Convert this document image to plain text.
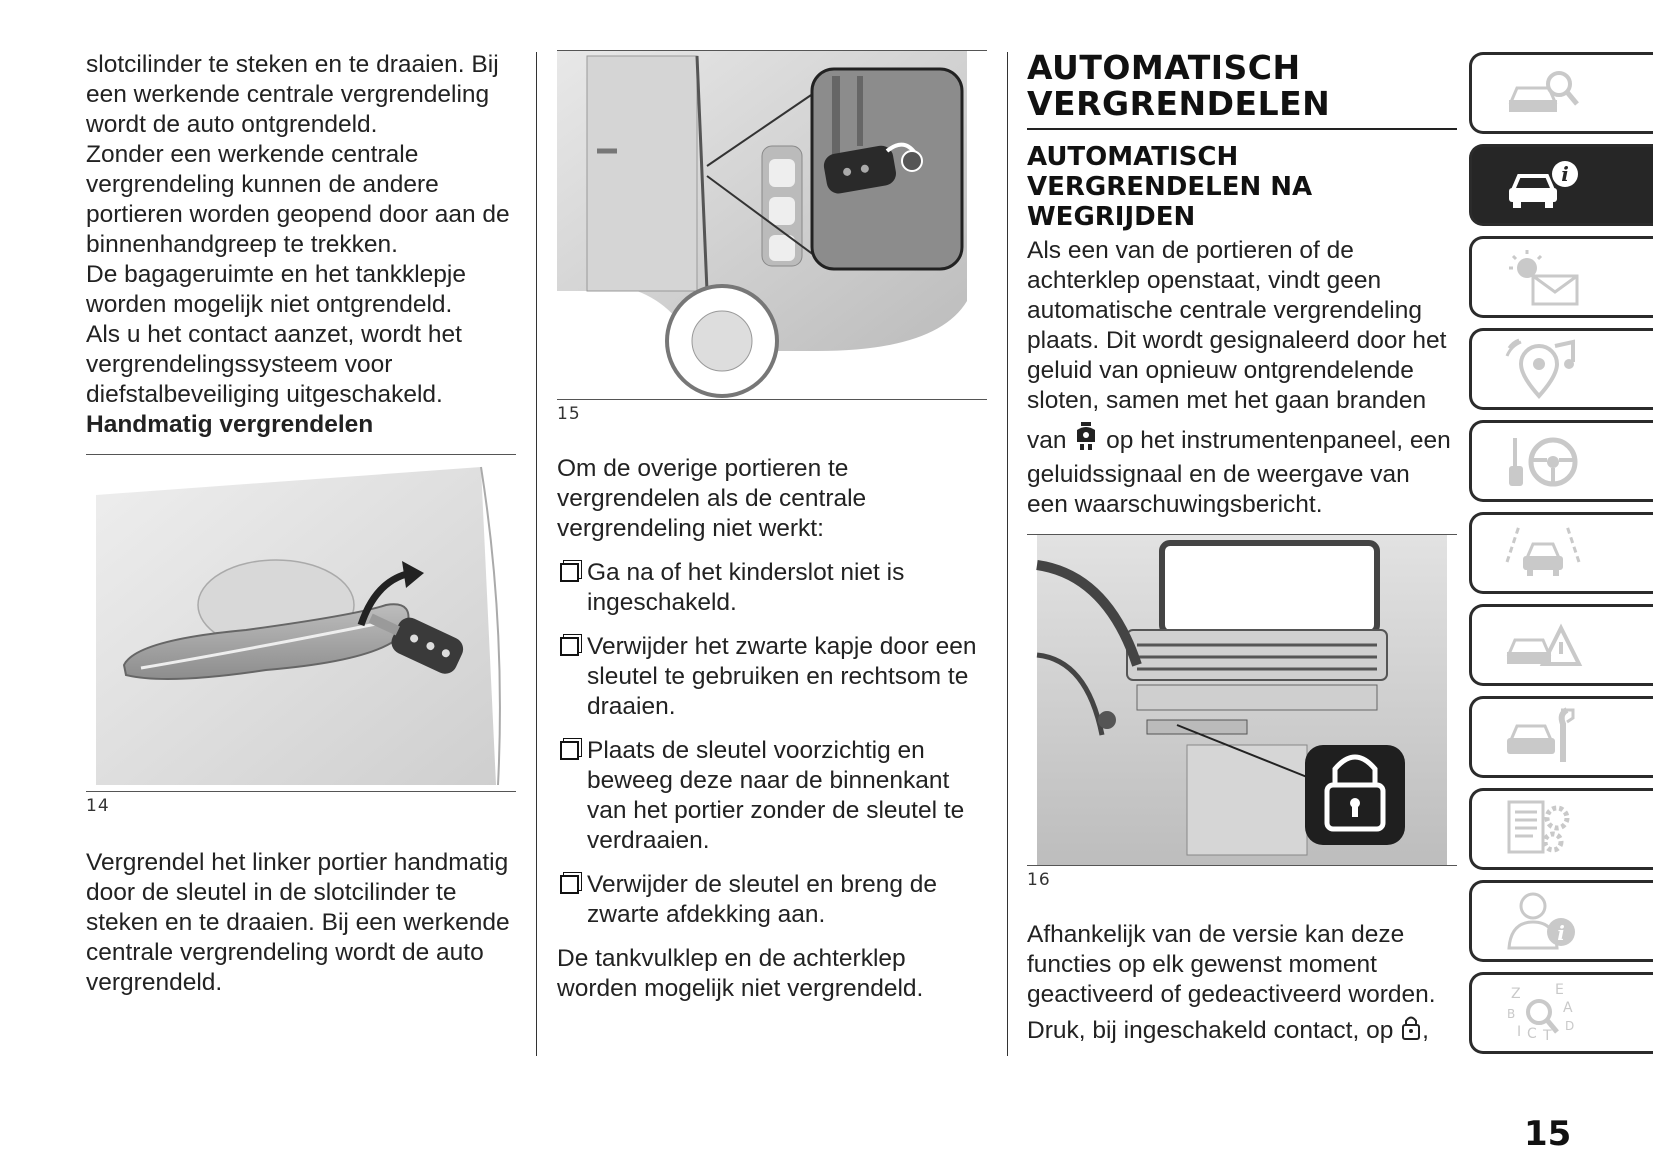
slotcilinder te steken en te draaien. Bij een werkende centrale vergrendeling wordt de auto ontgrendeld.

Zonder een werkende centrale vergrendeling kunnen de andere portieren worden geopend door aan de binnenhandgreep te trekken.

De bagageruimte en het tankklepje worden mogelijk niet ontgrendeld.

Als u het contact aanzet, wordt het vergrendelingssysteem voor diefstalbeveiliging uitgeschakeld.

Handmatig vergrendelen

14

Vergrendel het linker portier handmatig door de sleutel in de slotcilinder te steken en te draaien. Bij een werkende centrale vergrendeling wordt de auto vergrendeld.

15

Om de overige portieren te vergrendelen als de centrale vergrendeling niet werkt:

Ga na of het kinderslot niet is ingeschakeld.
Verwijder het zwarte kapje door een sleutel te gebruiken en rechtsom te draaien.
Plaats de sleutel voorzichtig en beweeg deze naar de binnenkant van het portier zonder de sleutel te verdraaien.
Verwijder de sleutel en breng de zwarte afdekking aan.

De tankvulklep en de achterklep worden mogelijk niet vergrendeld.

AUTOMATISCH VERGRENDELEN
AUTOMATISCH VERGRENDELEN NA WEGRIJDEN

Als een van de portieren of de achterklep openstaat, vindt geen automatische centrale vergrendeling plaats. Dit wordt gesignaleerd door het geluid van opnieuw ontgrendelende sloten, samen met het gaan branden

van op het instrumentenpaneel, een geluidssignaal en de weergave van een waarschuwingsbericht.

16

Afhankelijk van de versie kan deze functies op elk gewenst moment geactiveerd of gedeactiveerd worden.

Druk, bij ingeschakeld contact, op ,

i
i
Z E
A
B
I C T
D
15
